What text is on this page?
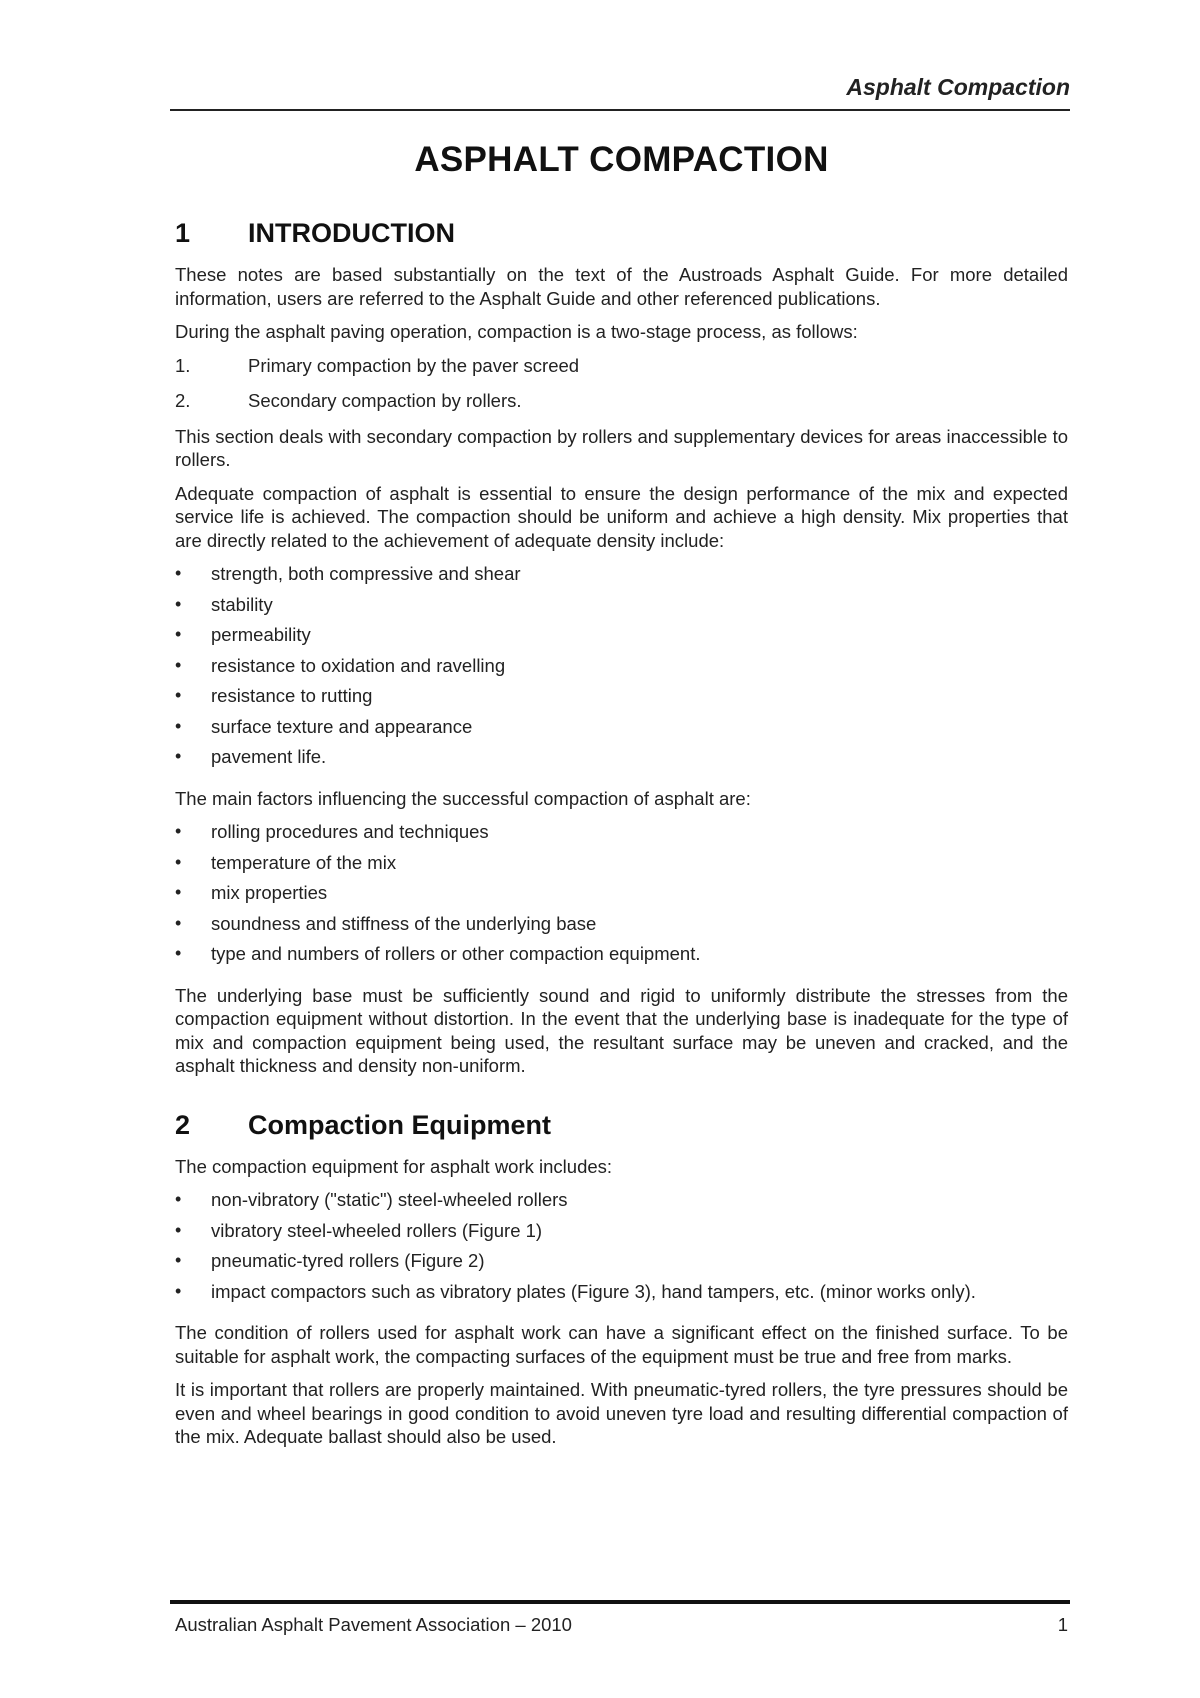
Asphalt Compaction
ASPHALT COMPACTION
1	INTRODUCTION

These notes are based substantially on the text of the Austroads Asphalt Guide. For more detailed information, users are referred to the Asphalt Guide and other referenced publications.

During the asphalt paving operation, compaction is a two-stage process, as follows:

1.	Primary compaction by the paver screed
2.	Secondary compaction by rollers.

This section deals with secondary compaction by rollers and supplementary devices for areas inaccessible to rollers.

Adequate compaction of asphalt is essential to ensure the design performance of the mix and expected service life is achieved. The compaction should be uniform and achieve a high density. Mix properties that are directly related to the achievement of adequate density include:

•	strength, both compressive and shear
•	stability
•	permeability
•	resistance to oxidation and ravelling
•	resistance to rutting
•	surface texture and appearance
•	pavement life.

The main factors influencing the successful compaction of asphalt are:

•	rolling procedures and techniques
•	temperature of the mix
•	mix properties
•	soundness and stiffness of the underlying base
•	type and numbers of rollers or other compaction equipment.

The underlying base must be sufficiently sound and rigid to uniformly distribute the stresses from the compaction equipment without distortion. In the event that the underlying base is inadequate for the type of mix and compaction equipment being used, the resultant surface may be uneven and cracked, and the asphalt thickness and density non-uniform.

2	Compaction Equipment

The compaction equipment for asphalt work includes:

•	non-vibratory ("static") steel-wheeled rollers
•	vibratory steel-wheeled rollers (Figure 1)
•	pneumatic-tyred rollers (Figure 2)
•	impact compactors such as vibratory plates (Figure 3), hand tampers, etc. (minor works only).

The condition of rollers used for asphalt work can have a significant effect on the finished surface. To be suitable for asphalt work, the compacting surfaces of the equipment must be true and free from marks.

It is important that rollers are properly maintained. With pneumatic-tyred rollers, the tyre pressures should be even and wheel bearings in good condition to avoid uneven tyre load and resulting differential compaction of the mix. Adequate ballast should also be used.

Australian Asphalt Pavement Association – 2010	1
